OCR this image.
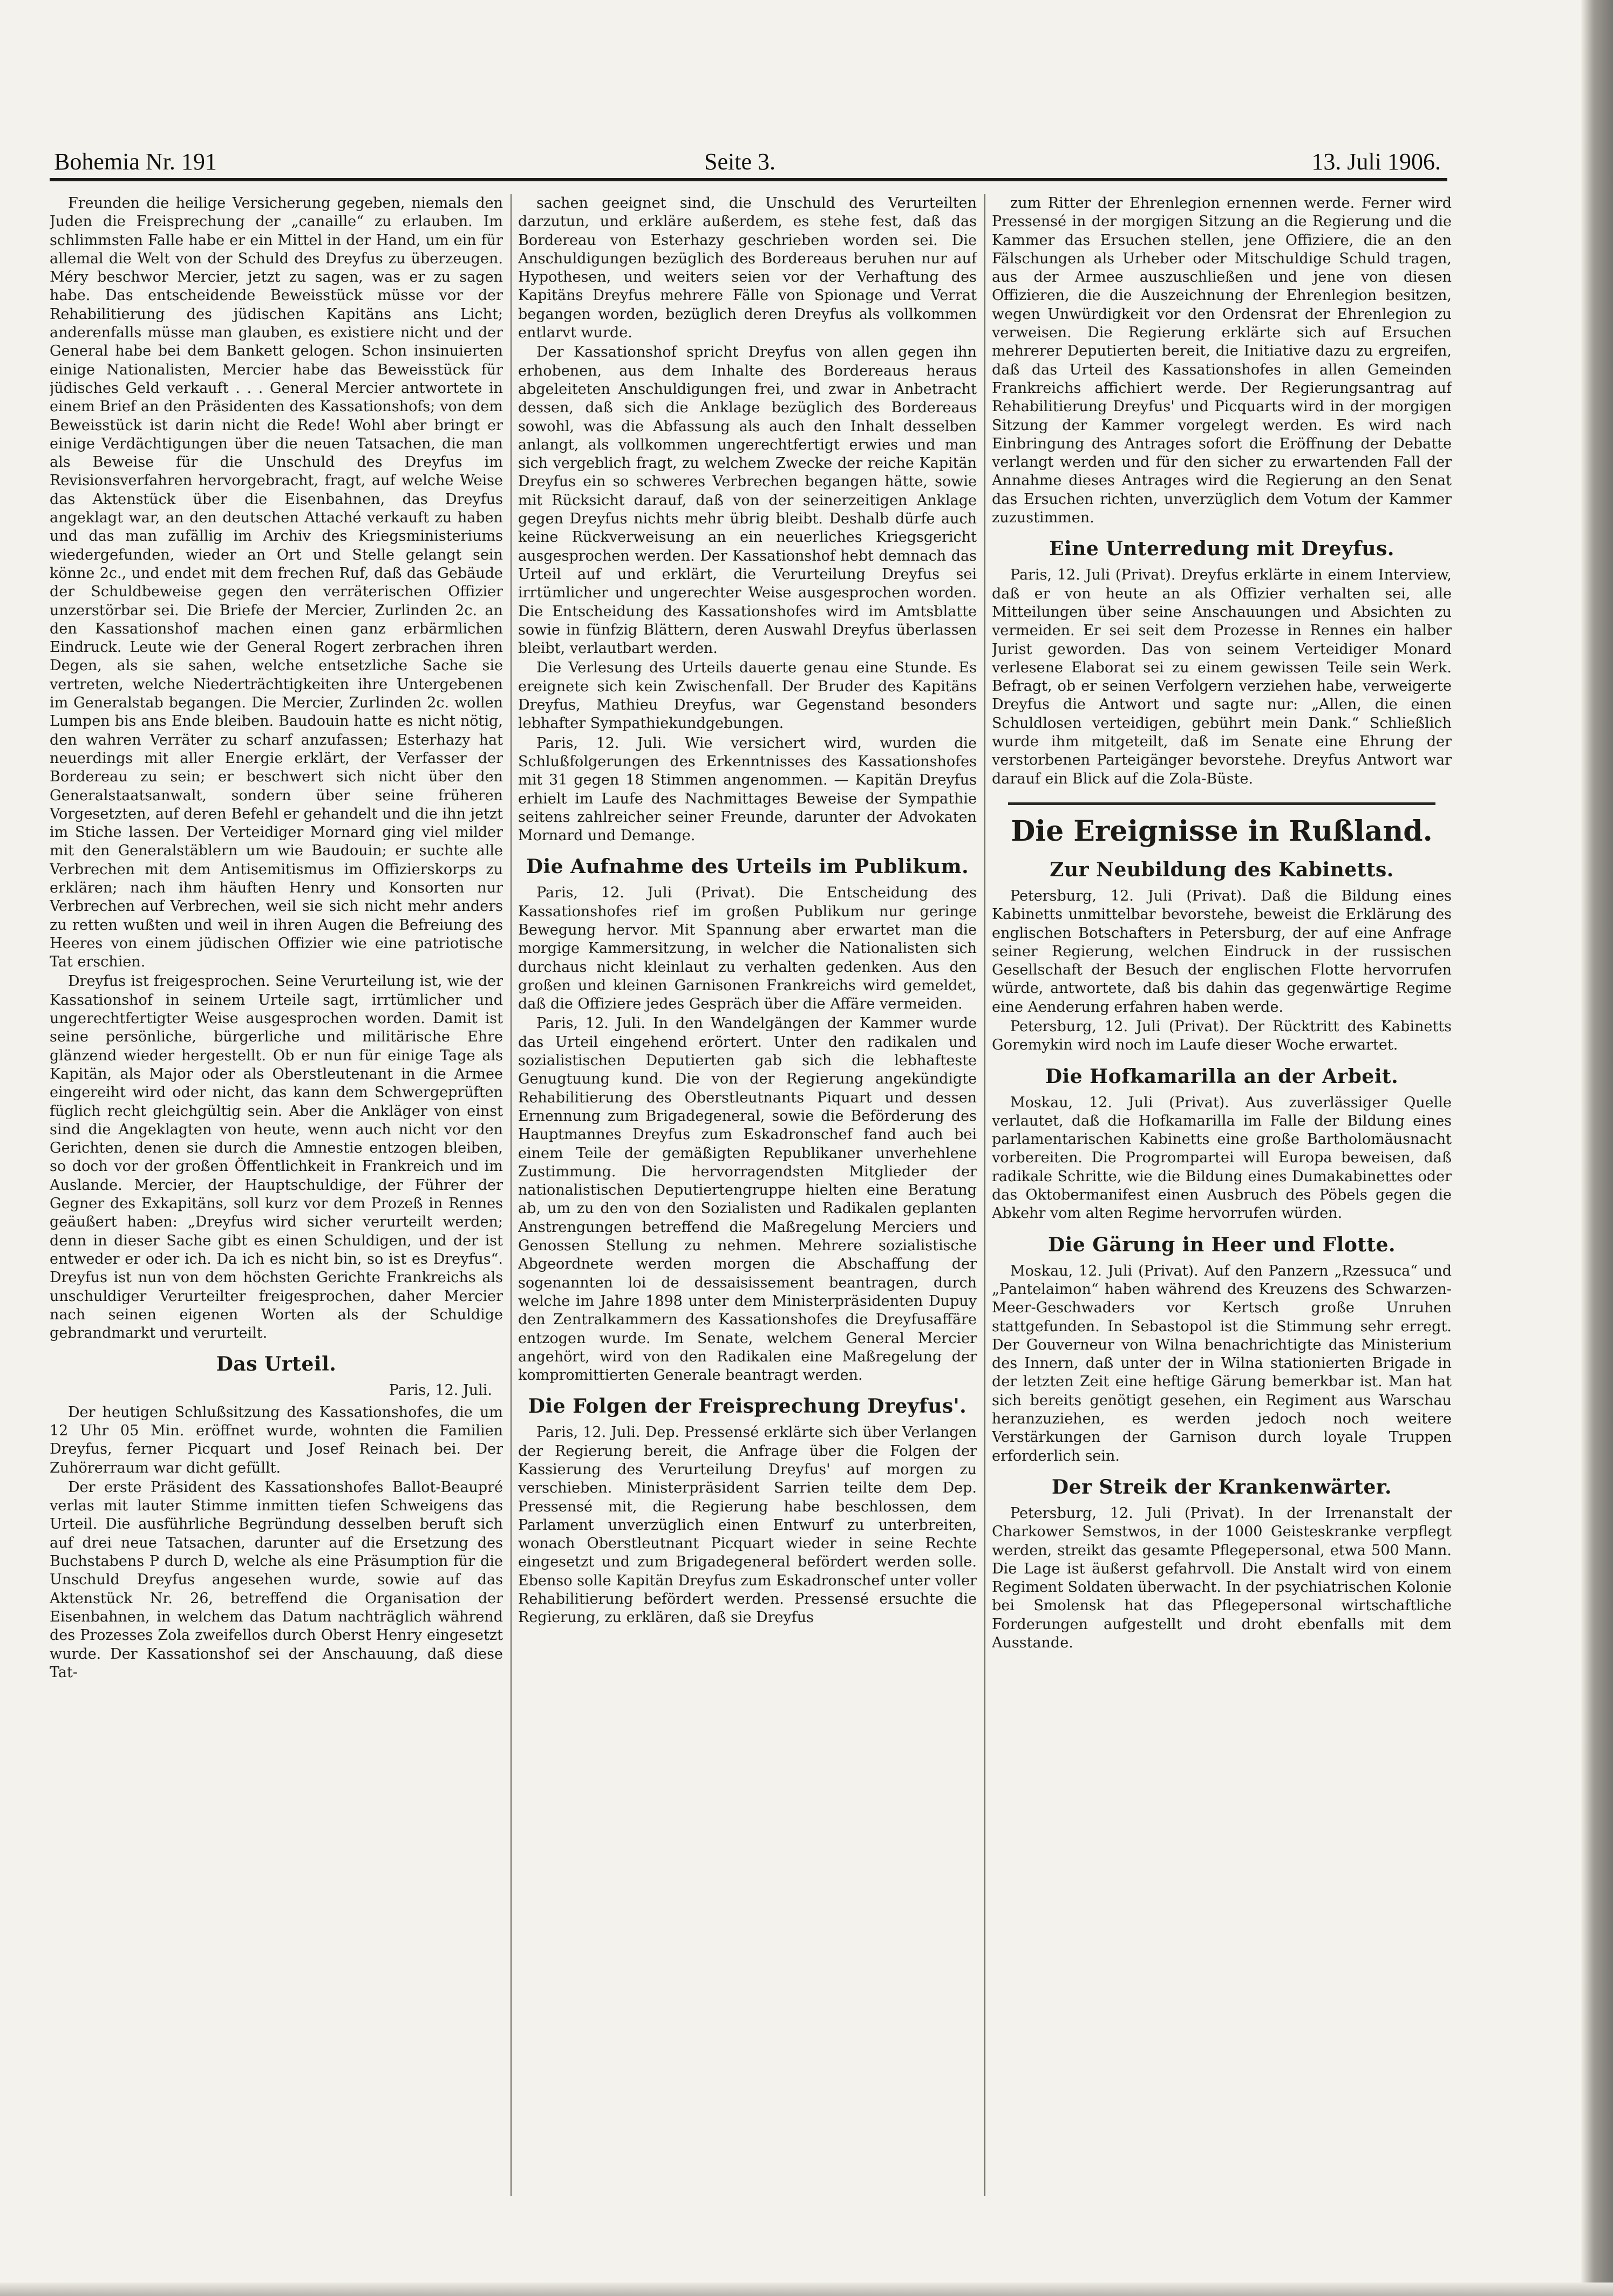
Bohemia Nr. 191	Seite 3.	13. Juli 1906.

Freunden die heilige Versicherung gegeben, niemals den Juden die Freisprechung der „canaille“ zu erlauben. Im schlimmsten Falle habe er ein Mittel in der Hand, um ein für allemal die Welt von der Schuld des Dreyfus zu überzeugen. Méry beschwor Mercier, jetzt zu sagen, was er zu sagen habe. Das entscheidende Beweisstück müsse vor der Rehabilitierung des jüdischen Kapitäns ans Licht; anderenfalls müsse man glauben, es existiere nicht und der General habe bei dem Bankett gelogen. Schon insinuierten einige Nationalisten, Mercier habe das Beweisstück für jüdisches Geld verkauft . . . General Mercier antwortete in einem Brief an den Präsidenten des Kassationshofs; von dem Beweisstück ist darin nicht die Rede! Wohl aber bringt er einige Verdächtigungen über die neuen Tatsachen, die man als Beweise für die Unschuld des Dreyfus im Revisionsverfahren hervorgebracht, fragt, auf welche Weise das Aktenstück über die Eisenbahnen, das Dreyfus angeklagt war, an den deutschen Attaché verkauft zu haben und das man zufällig im Archiv des Kriegsministeriums wiedergefunden, wieder an Ort und Stelle gelangt sein könne 2c., und endet mit dem frechen Ruf, daß das Gebäude der Schuldbeweise gegen den verräterischen Offizier unzerstörbar sei. Die Briefe der Mercier, Zurlinden 2c. an den Kassationshof machen einen ganz erbärmlichen Eindruck. Leute wie der General Rogert zerbrachen ihren Degen, als sie sahen, welche entsetzliche Sache sie vertreten, welche Niederträchtigkeiten ihre Untergebenen im Generalstab begangen. Die Mercier, Zurlinden 2c. wollen Lumpen bis ans Ende bleiben. Baudouin hatte es nicht nötig, den wahren Verräter zu scharf anzufassen; Esterhazy hat neuerdings mit aller Energie erklärt, der Verfasser der Bordereau zu sein; er beschwert sich nicht über den Generalstaatsanwalt, sondern über seine früheren Vorgesetzten, auf deren Befehl er gehandelt und die ihn jetzt im Stiche lassen. Der Verteidiger Mornard ging viel milder mit den Generalstäblern um wie Baudouin; er suchte alle Verbrechen mit dem Antisemitismus im Offizierskorps zu erklären; nach ihm häuften Henry und Konsorten nur Verbrechen auf Verbrechen, weil sie sich nicht mehr anders zu retten wußten und weil in ihren Augen die Befreiung des Heeres von einem jüdischen Offizier wie eine patriotische Tat erschien.

Dreyfus ist freigesprochen. Seine Verurteilung ist, wie der Kassationshof in seinem Urteile sagt, irrtümlicher und ungerechtfertigter Weise ausgesprochen worden. Damit ist seine persönliche, bürgerliche und militärische Ehre glänzend wieder hergestellt. Ob er nun für einige Tage als Kapitän, als Major oder als Oberstleutenant in die Armee eingereiht wird oder nicht, das kann dem Schwergeprüften füglich recht gleichgültig sein. Aber die Ankläger von einst sind die Angeklagten von heute, wenn auch nicht vor den Gerichten, denen sie durch die Amnestie entzogen bleiben, so doch vor der großen Öffentlichkeit in Frankreich und im Auslande. Mercier, der Hauptschuldige, der Führer der Gegner des Exkapitäns, soll kurz vor dem Prozeß in Rennes geäußert haben: „Dreyfus wird sicher verurteilt werden; denn in dieser Sache gibt es einen Schuldigen, und der ist entweder er oder ich. Da ich es nicht bin, so ist es Dreyfus“. Dreyfus ist nun von dem höchsten Gerichte Frankreichs als unschuldiger Verurteilter freigesprochen, daher Mercier nach seinen eigenen Worten als der Schuldige gebrandmarkt und verurteilt.

Das Urteil.

Paris, 12. Juli.

Der heutigen Schlußsitzung des Kassationshofes, die um 12 Uhr 05 Min. eröffnet wurde, wohnten die Familien Dreyfus, ferner Picquart und Josef Reinach bei. Der Zuhörerraum war dicht gefüllt.

Der erste Präsident des Kassationshofes Ballot-Beaupré verlas mit lauter Stimme inmitten tiefen Schweigens das Urteil. Die ausführliche Begründung desselben beruft sich auf drei neue Tatsachen, darunter auf die Ersetzung des Buchstabens P durch D, welche als eine Präsumption für die Unschuld Dreyfus angesehen wurde, sowie auf das Aktenstück Nr. 26, betreffend die Organisation der Eisenbahnen, in welchem das Datum nachträglich während des Prozesses Zola zweifellos durch Oberst Henry eingesetzt wurde. Der Kassationshof sei der Anschauung, daß diese Tat-

sachen geeignet sind, die Unschuld des Verurteilten darzutun, und erkläre außerdem, es stehe fest, daß das Bordereau von Esterhazy geschrieben worden sei. Die Anschuldigungen bezüglich des Bordereaus beruhen nur auf Hypothesen, und weiters seien vor der Verhaftung des Kapitäns Dreyfus mehrere Fälle von Spionage und Verrat begangen worden, bezüglich deren Dreyfus als vollkommen entlarvt wurde.

Der Kassationshof spricht Dreyfus von allen gegen ihn erhobenen, aus dem Inhalte des Bordereaus heraus abgeleiteten Anschuldigungen frei, und zwar in Anbetracht dessen, daß sich die Anklage bezüglich des Bordereaus sowohl, was die Abfassung als auch den Inhalt desselben anlangt, als vollkommen ungerechtfertigt erwies und man sich vergeblich fragt, zu welchem Zwecke der reiche Kapitän Dreyfus ein so schweres Verbrechen begangen hätte, sowie mit Rücksicht darauf, daß von der seinerzeitigen Anklage gegen Dreyfus nichts mehr übrig bleibt. Deshalb dürfe auch keine Rückverweisung an ein neuerliches Kriegsgericht ausgesprochen werden. Der Kassationshof hebt demnach das Urteil auf und erklärt, die Verurteilung Dreyfus sei irrtümlicher und ungerechter Weise ausgesprochen worden. Die Entscheidung des Kassationshofes wird im Amtsblatte sowie in fünfzig Blättern, deren Auswahl Dreyfus überlassen bleibt, verlautbart werden.

Die Verlesung des Urteils dauerte genau eine Stunde. Es ereignete sich kein Zwischenfall. Der Bruder des Kapitäns Dreyfus, Mathieu Dreyfus, war Gegenstand besonders lebhafter Sympathiekundgebungen.

Paris, 12. Juli. Wie versichert wird, wurden die Schlußfolgerungen des Erkenntnisses des Kassationshofes mit 31 gegen 18 Stimmen angenommen. — Kapitän Dreyfus erhielt im Laufe des Nachmittages Beweise der Sympathie seitens zahlreicher seiner Freunde, darunter der Advokaten Mornard und Demange.

Die Aufnahme des Urteils im Publikum.

Paris, 12. Juli (Privat). Die Entscheidung des Kassationshofes rief im großen Publikum nur geringe Bewegung hervor. Mit Spannung aber erwartet man die morgige Kammersitzung, in welcher die Nationalisten sich durchaus nicht kleinlaut zu verhalten gedenken. Aus den großen und kleinen Garnisonen Frankreichs wird gemeldet, daß die Offiziere jedes Gespräch über die Affäre vermeiden.

Paris, 12. Juli. In den Wandelgängen der Kammer wurde das Urteil eingehend erörtert. Unter den radikalen und sozialistischen Deputierten gab sich die lebhafteste Genugtuung kund. Die von der Regierung angekündigte Rehabilitierung des Oberstleutnants Piquart und dessen Ernennung zum Brigadegeneral, sowie die Beförderung des Hauptmannes Dreyfus zum Eskadronschef fand auch bei einem Teile der gemäßigten Republikaner unverhehlene Zustimmung. Die hervorragendsten Mitglieder der nationalistischen Deputiertengruppe hielten eine Beratung ab, um zu den von den Sozialisten und Radikalen geplanten Anstrengungen betreffend die Maßregelung Merciers und Genossen Stellung zu nehmen. Mehrere sozialistische Abgeordnete werden morgen die Abschaffung der sogenannten loi de dessaisissement beantragen, durch welche im Jahre 1898 unter dem Ministerpräsidenten Dupuy den Zentralkammern des Kassationshofes die Dreyfusaffäre entzogen wurde. Im Senate, welchem General Mercier angehört, wird von den Radikalen eine Maßregelung der kompromittierten Generale beantragt werden.

Die Folgen der Freisprechung Dreyfus'.

Paris, 12. Juli. Dep. Pressensé erklärte sich über Verlangen der Regierung bereit, die Anfrage über die Folgen der Kassierung des Verurteilung Dreyfus' auf morgen zu verschieben. Ministerpräsident Sarrien teilte dem Dep. Pressensé mit, die Regierung habe beschlossen, dem Parlament unverzüglich einen Entwurf zu unterbreiten, wonach Oberstleutnant Picquart wieder in seine Rechte eingesetzt und zum Brigadegeneral befördert werden solle. Ebenso solle Kapitän Dreyfus zum Eskadronschef unter voller Rehabilitierung befördert werden. Pressensé ersuchte die Regierung, zu erklären, daß sie Dreyfus

zum Ritter der Ehrenlegion ernennen werde. Ferner wird Pressensé in der morgigen Sitzung an die Regierung und die Kammer das Ersuchen stellen, jene Offiziere, die an den Fälschungen als Urheber oder Mitschuldige Schuld tragen, aus der Armee auszuschließen und jene von diesen Offizieren, die die Auszeichnung der Ehrenlegion besitzen, wegen Unwürdigkeit vor den Ordensrat der Ehrenlegion zu verweisen. Die Regierung erklärte sich auf Ersuchen mehrerer Deputierten bereit, die Initiative dazu zu ergreifen, daß das Urteil des Kassationshofes in allen Gemeinden Frankreichs affichiert werde. Der Regierungsantrag auf Rehabilitierung Dreyfus' und Picquarts wird in der morgigen Sitzung der Kammer vorgelegt werden. Es wird nach Einbringung des Antrages sofort die Eröffnung der Debatte verlangt werden und für den sicher zu erwartenden Fall der Annahme dieses Antrages wird die Regierung an den Senat das Ersuchen richten, unverzüglich dem Votum der Kammer zuzustimmen.

Eine Unterredung mit Dreyfus.

Paris, 12. Juli (Privat). Dreyfus erklärte in einem Interview, daß er von heute an als Offizier verhalten sei, alle Mitteilungen über seine Anschauungen und Absichten zu vermeiden. Er sei seit dem Prozesse in Rennes ein halber Jurist geworden. Das von seinem Verteidiger Monard verlesene Elaborat sei zu einem gewissen Teile sein Werk. Befragt, ob er seinen Verfolgern verziehen habe, verweigerte Dreyfus die Antwort und sagte nur: „Allen, die einen Schuldlosen verteidigen, gebührt mein Dank.“ Schließlich wurde ihm mitgeteilt, daß im Senate eine Ehrung der verstorbenen Parteigänger bevorstehe. Dreyfus Antwort war darauf ein Blick auf die Zola-Büste.

Die Ereignisse in Rußland.
Zur Neubildung des Kabinetts.

Petersburg, 12. Juli (Privat). Daß die Bildung eines Kabinetts unmittelbar bevorstehe, beweist die Erklärung des englischen Botschafters in Petersburg, der auf eine Anfrage seiner Regierung, welchen Eindruck in der russischen Gesellschaft der Besuch der englischen Flotte hervorrufen würde, antwortete, daß bis dahin das gegenwärtige Regime eine Aenderung erfahren haben werde.

Petersburg, 12. Juli (Privat). Der Rücktritt des Kabinetts Goremykin wird noch im Laufe dieser Woche erwartet.

Die Hofkamarilla an der Arbeit.

Moskau, 12. Juli (Privat). Aus zuverlässiger Quelle verlautet, daß die Hofkamarilla im Falle der Bildung eines parlamentarischen Kabinetts eine große Bartholomäusnacht vorbereiten. Die Progromparteі will Europa beweisen, daß radikale Schritte, wie die Bildung eines Dumakabinettes oder das Oktobermanifest einen Ausbruch des Pöbels gegen die Abkehr vom alten Regime hervorrufen würden.

Die Gärung in Heer und Flotte.

Moskau, 12. Juli (Privat). Auf den Panzern „Rzessuca“ und „Pantelaimon“ haben während des Kreuzens des Schwarzen-Meer-Geschwaders vor Kertsch große Unruhen stattgefunden. In Sebastopol ist die Stimmung sehr erregt. Der Gouverneur von Wilna benachrichtigte das Ministerium des Innern, daß unter der in Wilna stationierten Brigade in der letzten Zeit eine heftige Gärung bemerkbar ist. Man hat sich bereits genötigt gesehen, ein Regiment aus Warschau heranzuziehen, es werden jedoch noch weitere Verstärkungen der Garnison durch loyale Truppen erforderlich sein.

Der Streik der Krankenwärter.

Petersburg, 12. Juli (Privat). In der Irrenanstalt der Charkower Semstwos, in der 1000 Geisteskranke verpflegt werden, streikt das gesamte Pflegepersonal, etwa 500 Mann. Die Lage ist äußerst gefahrvoll. Die Anstalt wird von einem Regiment Soldaten überwacht. In der psychiatrischen Kolonie bei Smolensk hat das Pflegepersonal wirtschaftliche Forderungen aufgestellt und droht ebenfalls mit dem Ausstande.
